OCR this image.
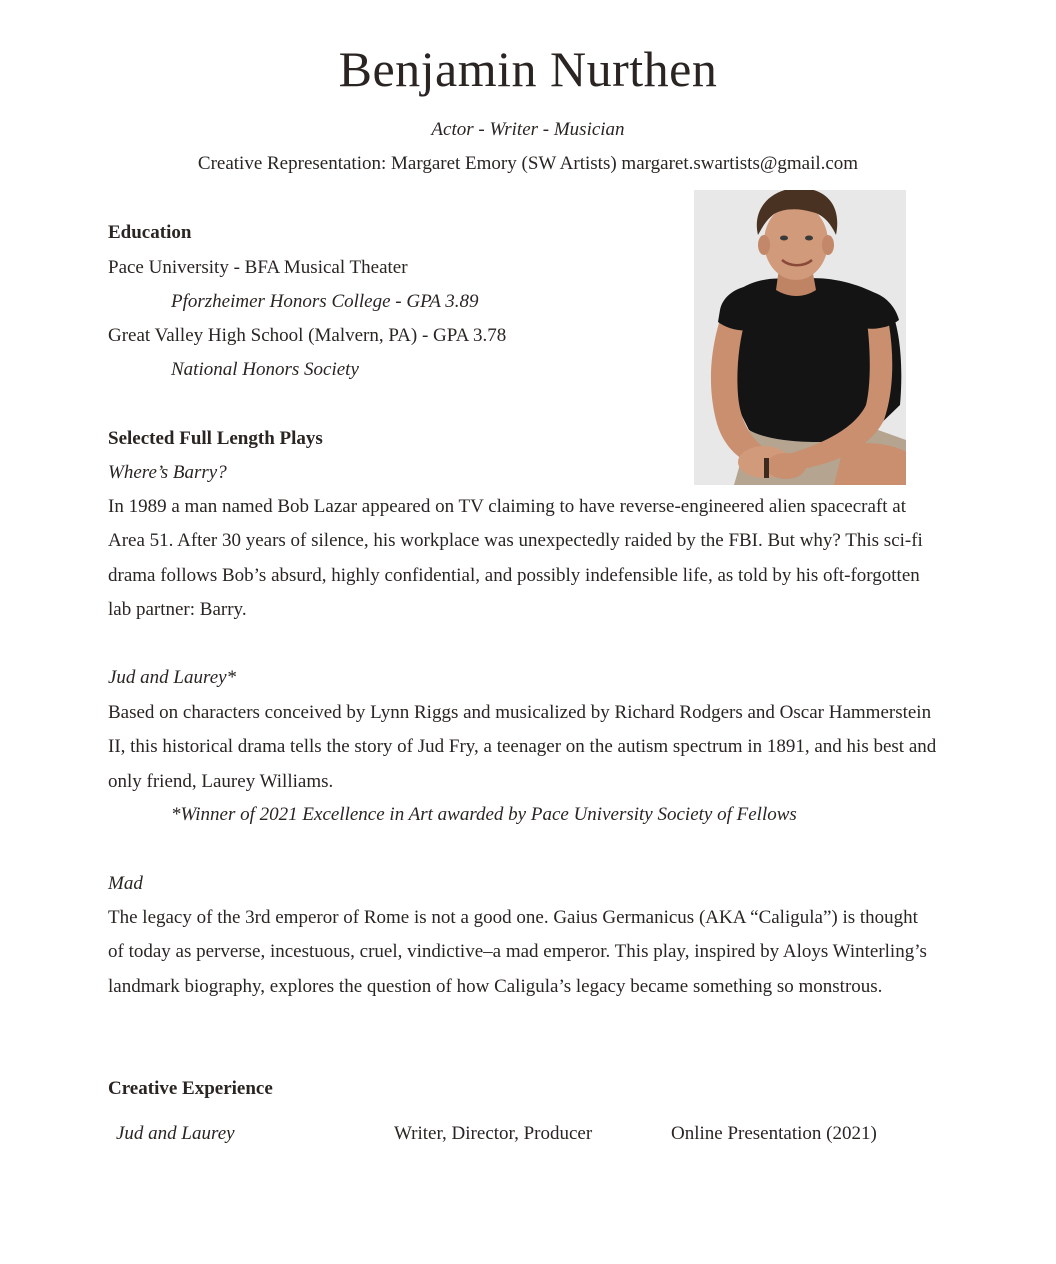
Benjamin Nurthen
Actor - Writer - Musician
Creative Representation: Margaret Emory (SW Artists) margaret.swartists@gmail.com
Education
Pace University - BFA Musical Theater
Pforzheimer Honors College - GPA 3.89
Great Valley High School (Malvern, PA) - GPA 3.78
National Honors Society
Selected Full Length Plays
Where’s Barry?

In 1989 a man named Bob Lazar appeared on TV claiming to have reverse-engineered alien spacecraft at Area 51. After 30 years of silence, his workplace was unexpectedly raided by the FBI. But why? This sci-fi drama follows Bob’s absurd, highly confidential, and possibly indefensible life, as told by his oft-forgotten lab partner: Barry.

Jud and Laurey*

Based on characters conceived by Lynn Riggs and musicalized by Richard Rodgers and Oscar Hammerstein II, this historical drama tells the story of Jud Fry, a teenager on the autism spectrum in 1891, and his best and only friend, Laurey Williams.

*Winner of 2021 Excellence in Art awarded by Pace University Society of Fellows
Mad

The legacy of the 3rd emperor of Rome is not a good one. Gaius Germanicus (AKA “Caligula”) is thought of today as perverse, incestuous, cruel, vindictive–a mad emperor. This play, inspired by Aloys Winterling’s landmark biography, explores the question of how Caligula’s legacy became something so monstrous.

Creative Experience
Jud and Laurey	Writer, Director, Producer	Online Presentation (2021)
